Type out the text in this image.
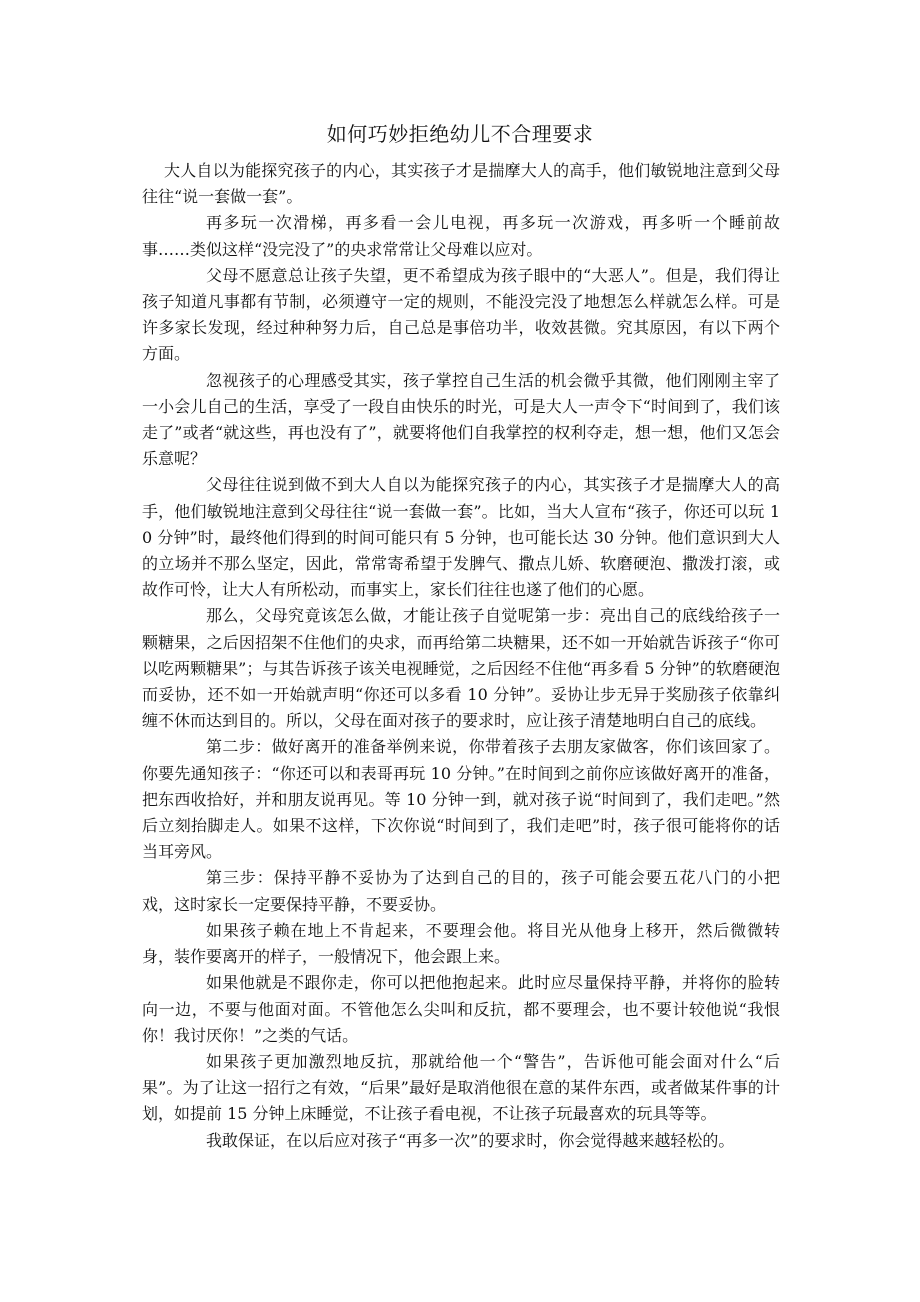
如何巧妙拒绝幼儿不合理要求

大人自以为能探究孩子的内心，其实孩子才是揣摩大人的高手，他们敏锐地注意到父母往往“说一套做一套”。

再多玩一次滑梯，再多看一会儿电视，再多玩一次游戏，再多听一个睡前故事……类似这样“没完没了”的央求常常让父母难以应对。

父母不愿意总让孩子失望，更不希望成为孩子眼中的“大恶人”。但是，我们得让孩子知道凡事都有节制，必须遵守一定的规则，不能没完没了地想怎么样就怎么样。可是许多家长发现，经过种种努力后，自己总是事倍功半，收效甚微。究其原因，有以下两个方面。

忽视孩子的心理感受其实，孩子掌控自己生活的机会微乎其微，他们刚刚主宰了一小会儿自己的生活，享受了一段自由快乐的时光，可是大人一声令下“时间到了，我们该走了”或者“就这些，再也没有了”，就要将他们自我掌控的权利夺走，想一想，他们又怎会乐意呢？

父母往往说到做不到大人自以为能探究孩子的内心，其实孩子才是揣摩大人的高手，他们敏锐地注意到父母往往“说一套做一套”。比如，当大人宣布“孩子，你还可以玩 10 分钟”时，最终他们得到的时间可能只有 5 分钟，也可能长达 30 分钟。他们意识到大人的立场并不那么坚定，因此，常常寄希望于发脾气、撒点儿娇、软磨硬泡、撒泼打滚，或故作可怜，让大人有所松动，而事实上，家长们往往也遂了他们的心愿。

那么，父母究竟该怎么做，才能让孩子自觉呢第一步：亮出自己的底线给孩子一颗糖果，之后因招架不住他们的央求，而再给第二块糖果，还不如一开始就告诉孩子“你可以吃两颗糖果”；与其告诉孩子该关电视睡觉，之后因经不住他“再多看 5 分钟”的软磨硬泡而妥协，还不如一开始就声明“你还可以多看 10 分钟”。妥协让步无异于奖励孩子依靠纠缠不休而达到目的。所以，父母在面对孩子的要求时，应让孩子清楚地明白自己的底线。

第二步：做好离开的准备举例来说，你带着孩子去朋友家做客，你们该回家了。你要先通知孩子：“你还可以和表哥再玩 10 分钟。”在时间到之前你应该做好离开的准备，把东西收拾好，并和朋友说再见。等 10 分钟一到，就对孩子说“时间到了，我们走吧。”然后立刻抬脚走人。如果不这样，下次你说“时间到了，我们走吧”时，孩子很可能将你的话当耳旁风。

第三步：保持平静不妥协为了达到自己的目的，孩子可能会要五花八门的小把戏，这时家长一定要保持平静，不要妥协。

如果孩子赖在地上不肯起来，不要理会他。将目光从他身上移开，然后微微转身，装作要离开的样子，一般情况下，他会跟上来。

如果他就是不跟你走，你可以把他抱起来。此时应尽量保持平静，并将你的脸转向一边，不要与他面对面。不管他怎么尖叫和反抗，都不要理会，也不要计较他说“我恨你！我讨厌你！”之类的气话。

如果孩子更加激烈地反抗，那就给他一个“警告”，告诉他可能会面对什么“后果”。为了让这一招行之有效，“后果”最好是取消他很在意的某件东西，或者做某件事的计划，如提前 15 分钟上床睡觉，不让孩子看电视，不让孩子玩最喜欢的玩具等等。

我敢保证，在以后应对孩子“再多一次”的要求时，你会觉得越来越轻松的。
